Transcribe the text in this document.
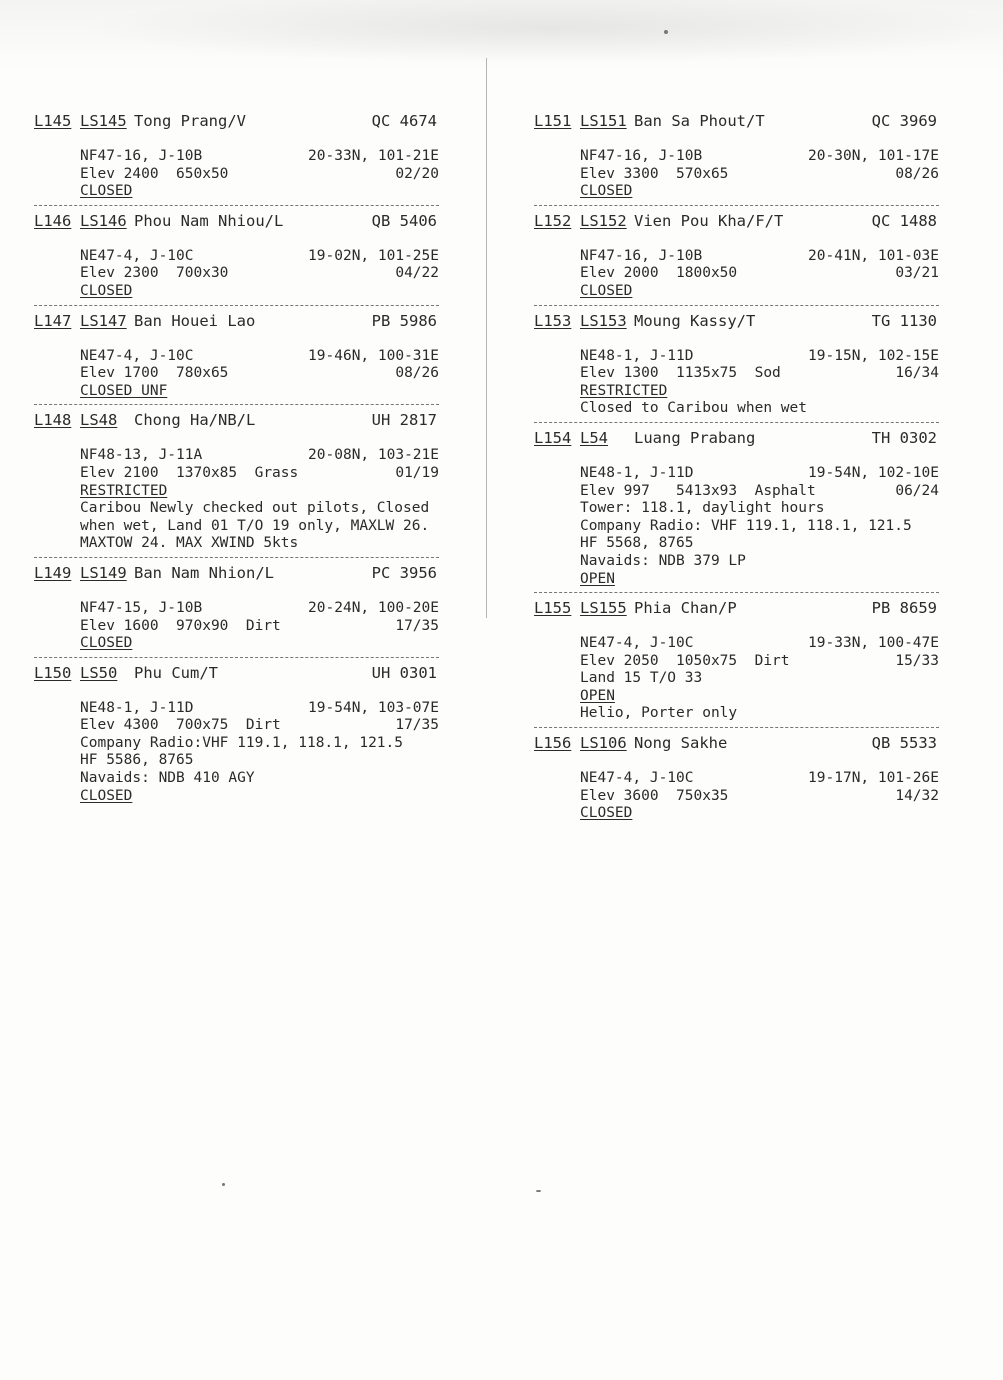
L145 LS145 Tong Prang/V	QC 4674
NF47-16, J-10B	20-33N, 101-21E
Elev 2400  650x50	02/20
CLOSED
L146 LS146 Phou Nam Nhiou/L	QB 5406
NE47-4, J-10C	19-02N, 101-25E
Elev 2300  700x30	04/22
CLOSED
L147 LS147 Ban Houei Lao	PB 5986
NE47-4, J-10C	19-46N, 100-31E
Elev 1700  780x65	08/26
CLOSED UNF
L148 LS48	Chong Ha/NB/L	UH 2817
NF48-13, J-11A	20-08N, 103-21E
Elev 2100  1370x85  Grass	01/19
RESTRICTED
Caribou Newly checked out pilots, Closed
when wet, Land 01 T/O 19 only, MAXLW 26.
MAXTOW 24. MAX XWIND 5kts
L149 LS149 Ban Nam Nhion/L	PC 3956
NF47-15, J-10B	20-24N, 100-20E
Elev 1600  970x90  Dirt	17/35
CLOSED
L150 LS50	Phu Cum/T	UH 0301
NE48-1, J-11D	19-54N, 103-07E
Elev 4300  700x75  Dirt	17/35
Company Radio:VHF 119.1, 118.1, 121.5
HF 5586, 8765
Navaids: NDB 410 AGY
CLOSED
L151 LS151 Ban Sa Phout/T	QC 3969
NF47-16, J-10B	20-30N, 101-17E
Elev 3300  570x65	08/26
CLOSED
L152 LS152 Vien Pou Kha/F/T	QC 1488
NF47-16, J-10B	20-41N, 101-03E
Elev 2000  1800x50	03/21
CLOSED
L153 LS153 Moung Kassy/T	TG 1130
NE48-1, J-11D	19-15N, 102-15E
Elev 1300  1135x75  Sod	16/34
RESTRICTED
Closed to Caribou when wet
L154 L54	Luang Prabang	TH 0302
NE48-1, J-11D	19-54N, 102-10E
Elev 997   5413x93  Asphalt	06/24
Tower: 118.1, daylight hours
Company Radio: VHF 119.1, 118.1, 121.5
HF 5568, 8765
Navaids: NDB 379 LP
OPEN
L155 LS155 Phia Chan/P	PB 8659
NE47-4, J-10C	19-33N, 100-47E
Elev 2050  1050x75  Dirt	15/33
Land 15 T/O 33
OPEN
Helio, Porter only
L156 LS106 Nong Sakhe	QB 5533
NE47-4, J-10C	19-17N, 101-26E
Elev 3600  750x35	14/32
CLOSED
